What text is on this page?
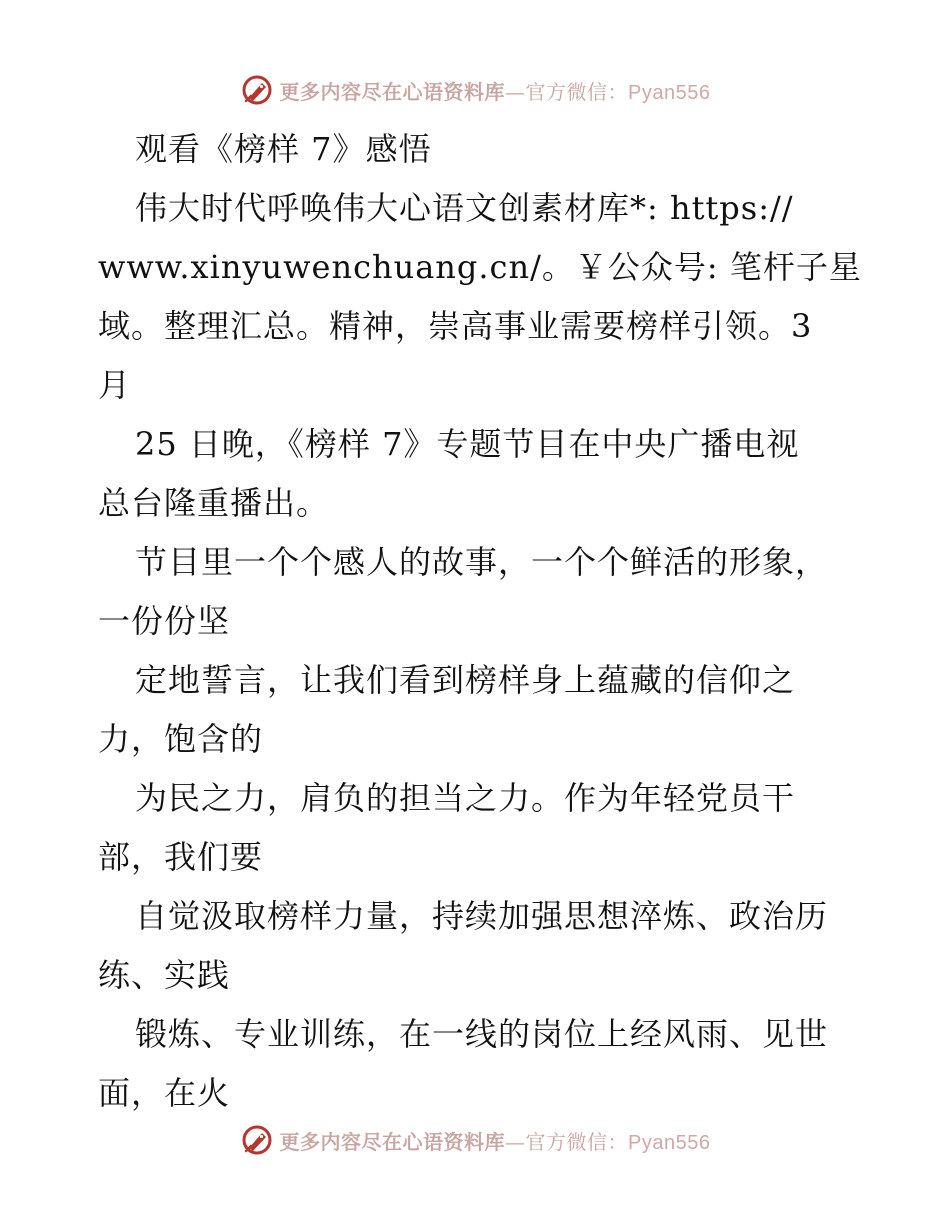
更多内容尽在心语资料库—官方微信：Pyan556
观看《榜样 7》感悟
伟大时代呼唤伟大心语文创素材库*: https://
www.xinyuwenchuang.cn/。￥公众号: 笔杆子星
域。整理汇总。精神，崇高事业需要榜样引领。3
月
25 日晚，《榜样 7》专题节目在中央广播电视
总台隆重播出。
节目里一个个感人的故事，一个个鲜活的形象，
一份份坚
定地誓言，让我们看到榜样身上蕴藏的信仰之
力，饱含的
为民之力，肩负的担当之力。作为年轻党员干
部，我们要
自觉汲取榜样力量，持续加强思想淬炼、政治历
练、实践
锻炼、专业训练，在一线的岗位上经风雨、见世
面，在火
更多内容尽在心语资料库—官方微信：Pyan556
